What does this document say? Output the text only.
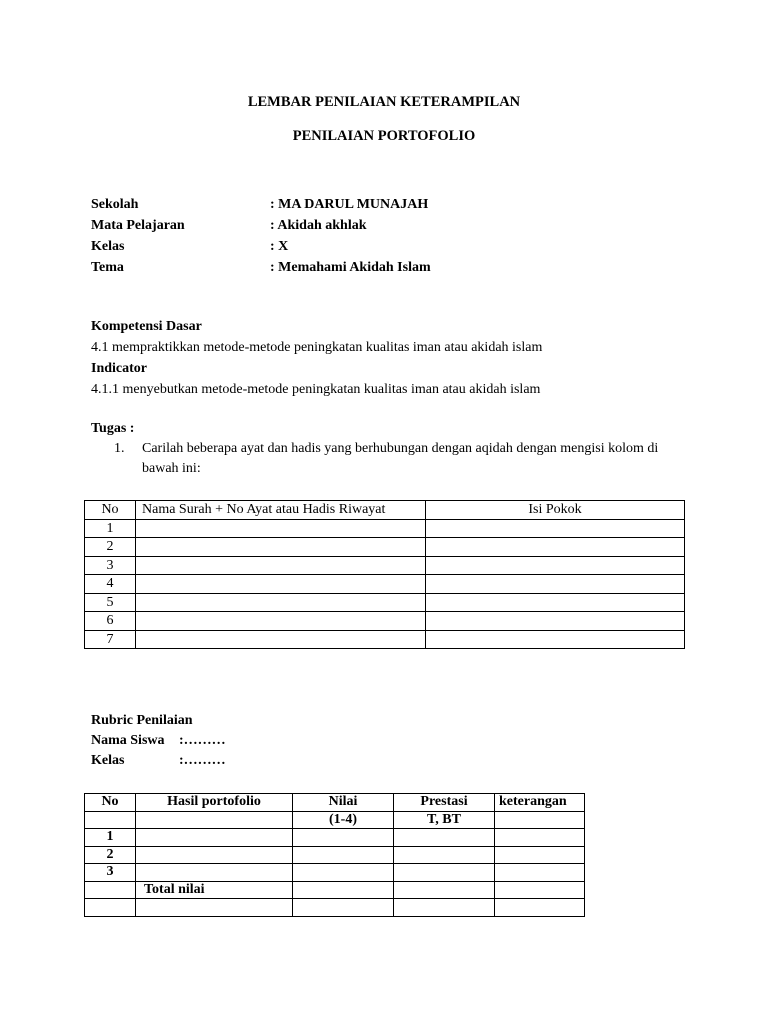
LEMBAR PENILAIAN KETERAMPILAN
PENILAIAN PORTOFOLIO
Sekolah	: MA DARUL MUNAJAH
Mata Pelajaran	: Akidah akhlak
Kelas	: X
Tema	: Memahami Akidah Islam
Kompetensi Dasar
4.1 mempraktikkan metode-metode peningkatan kualitas iman atau akidah islam
Indicator
4.1.1 menyebutkan metode-metode peningkatan kualitas iman atau akidah islam
Tugas :
1.	Carilah beberapa ayat dan hadis yang berhubungan dengan aqidah dengan mengisi kolom di bawah ini:
No	Nama Surah + No Ayat atau Hadis Riwayat	Isi Pokok
1		
2		
3		
4		
5		
6		
7		
Rubric Penilaian
Nama Siswa :………
Kelas	:………
No	Hasil portofolio	Nilai	Prestasi	keterangan
		(1-4)	T, BT	
1				
2				
3				
	Total nilai			
